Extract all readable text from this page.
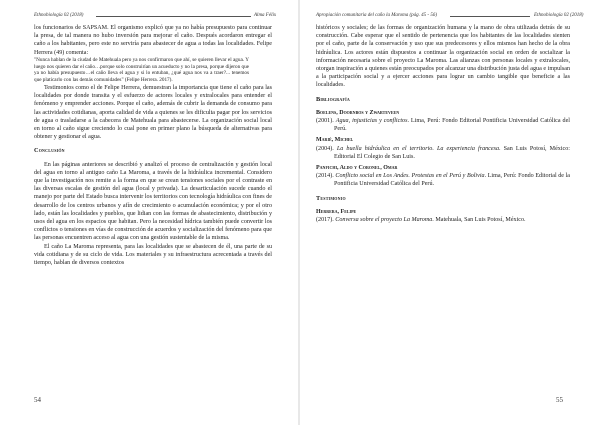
Ethnobiología 02 (2018)	Alma Félix

los funcionarios de SAPSAM. El organismo explicó que ya no había presupuesto para continuar la presa, de tal manera no hubo inversión para mejorar el caño. Después acordaron entregar el caño a los habitantes, pero este no serviría para abastecer de agua a todas las localidades. Felipe Herrera (49) comenta:

"Nunca hablan de la ciudad de Matehuala pero ya nos confirmaron que ahí, se quieren llevar el agua. Y luego nos quieren dar el caño…porque solo construirían un acueducto y no la presa, porque dijeron que ya no había presupuesto…el caño lleva el agua y si lo entuban, ¿qué agua nos va a traer?... tenemos que platicarlo con las demás comunidades" (Felipe Herrera. 2017).

Testimonios como el de Felipe Herrera, demuestran la importancia que tiene el caño para las localidades por donde transita y el esfuerzo de actores locales y extralocales para entender el fenómeno y emprender acciones. Porque el caño, además de cubrir la demanda de consumo para las actividades cotidianas, aporta calidad de vida a quienes se les dificulta pagar por los servicios de agua o trasladarse a la cabecera de Matehuala para abastecerse. La organización social local en torno al caño sigue creciendo lo cual pone en primer plano la búsqueda de alternativas para obtener y gestionar el agua.

Conclusión

En las páginas anteriores se describió y analizó el proceso de centralización y gestión local del agua en torno al antiguo caño La Maroma, a través de la hidráulica incremental. Considero que la investigación nos remite a la forma en que se crean tensiones sociales por el contraste en las diversas escalas de gestión del agua (local y privada). La desarticulación sucede cuando el manejo por parte del Estado busca intervenir los territorios con tecnología hidráulica con fines de desarrollo de los centros urbanos y afín de crecimiento o acumulación económica; y por el otro lado, están las localidades y pueblos, que lidian con las formas de abastecimiento, distribución y usos del agua en los espacios que habitan. Pero la necesidad hídrica también puede convertir los conflictos o tensiones en vías de construcción de acuerdos y socialización del fenómeno para que las personas encuentren acceso al agua con una gestión sustentable de la misma.

El caño La Maroma representa, para las localidades que se abastecen de él, una parte de su vida cotidiana y de su ciclo de vida. Los materiales y su infraestructura acrecentada a través del tiempo, hablan de diversos contextos

54
Apropiación comunitaria del caño la Maroma (pág. 45 - 56)	Ethnobiología 02 (2018)

históricos y sociales; de las formas de organización humana y la mano de obra utilizada detrás de su construcción. Cabe esperar que el sentido de pertenencia que los habitantes de las localidades sienten por el caño, parte de la conservación y uso que sus predecesores y ellos mismos han hecho de la obra hidráulica. Los actores están dispuestos a continuar la organización social en orden de socializar la información necesaria sobre el proyecto La Maroma. Las alianzas con personas locales y extralocales, otorgan inspiración a quienes están preocupados por alcanzar una distribución justa del agua e impulsan a la participación social y a ejercer acciones para lograr un cambio tangible que beneficie a las localidades.

Bibliografía
Boelens, Doornbos y Zwarteveen

(2001). Agua, injusticias y conflictos. Lima, Perú: Fondo Editorial Pontificia Universidad Católica del Perú.

Marié, Michel

(2004). La buella hidráulica en el territorio. La experiencia francesa. San Luis Potosí, México: Editorial El Colegio de San Luis.

Panfichi, Aldo y Coronel, Omar

(2014). Conflicto social en Los Andes. Protestas en el Perú y Bolivia. Lima, Perú: Fondo Editorial de la Pontificia Universidad Católica del Perú.

Testimonio
Herrera, Felipe

(2017). Conversa sobre el proyecto La Maroma. Matehuala, San Luis Potosí, México.

55
